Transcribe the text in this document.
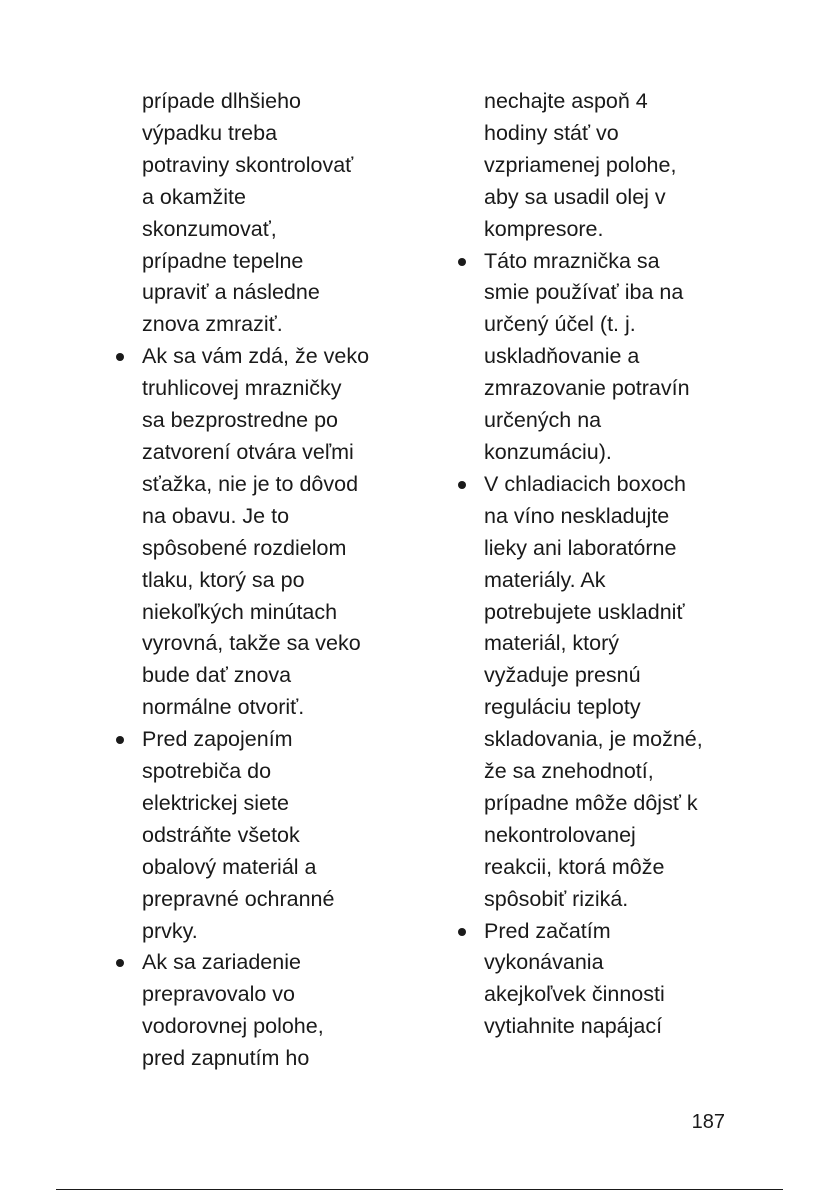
prípade dlhšieho
výpadku treba
potraviny skontrolovať
a okamžite
skonzumovať,
prípadne tepelne
upraviť a následne
znova zmraziť.
Ak sa vám zdá, že veko
truhlicovej mrazničky
sa bezprostredne po
zatvorení otvára veľmi
sťažka, nie je to dôvod
na obavu. Je to
spôsobené rozdielom
tlaku, ktorý sa po
niekoľkých minútach
vyrovná, takže sa veko
bude dať znova
normálne otvoriť.
Pred zapojením
spotrebiča do
elektrickej siete
odstráňte všetok
obalový materiál a
prepravné ochranné
prvky.
Ak sa zariadenie
prepravovalo vo
vodorovnej polohe,
pred zapnutím ho
nechajte aspoň 4
hodiny stáť vo
vzpriamenej polohe,
aby sa usadil olej v
kompresore.
Táto mraznička sa
smie používať iba na
určený účel (t. j.
uskladňovanie a
zmrazovanie potravín
určených na
konzumáciu).
V chladiacich boxoch
na víno neskladujte
lieky ani laboratórne
materiály. Ak
potrebujete uskladniť
materiál, ktorý
vyžaduje presnú
reguláciu teploty
skladovania, je možné,
že sa znehodnotí,
prípadne môže dôjsť k
nekontrolovanej
reakcii, ktorá môže
spôsobiť riziká.
Pred začatím
vykonávania
akejkoľvek činnosti
vytiahnite napájací
187
